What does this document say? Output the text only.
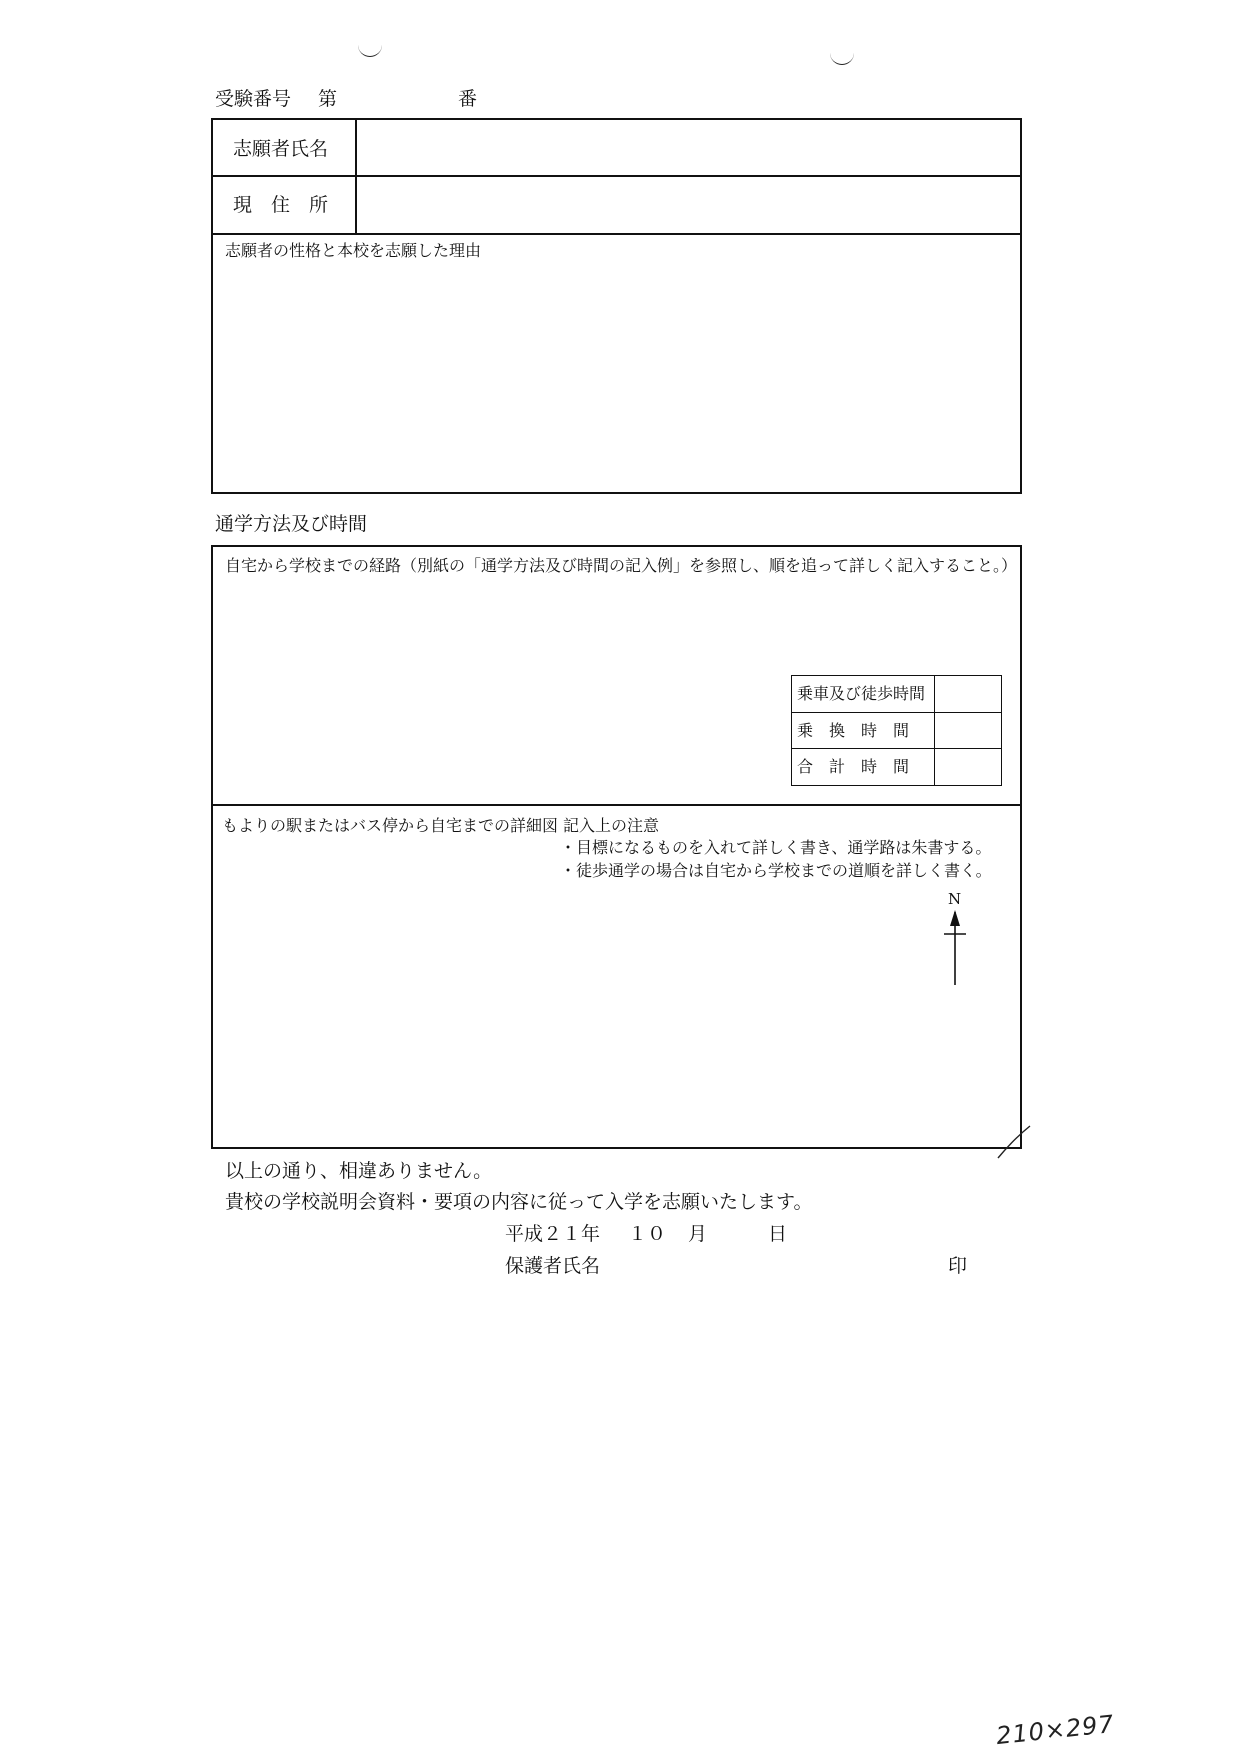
受験番号 第	番
志願者氏名
現　住　所
志願者の性格と本校を志願した理由
通学方法及び時間
自宅から学校までの経路（別紙の「通学方法及び時間の記入例」を参照し、順を追って詳しく記入すること。）
乗車及び徒歩時間
乗　換　時　間
合　計　時　間
もよりの駅またはバス停から自宅までの詳細図 記入上の注意
・目標になるものを入れて詳しく書き、通学路は朱書する。
・徒歩通学の場合は自宅から学校までの道順を詳しく書く。
N
以上の通り、相違ありません。
貴校の学校説明会資料・要項の内容に従って入学を志願いたします。
平成２１年 １０ 月	日
保護者氏名	印
210×297
